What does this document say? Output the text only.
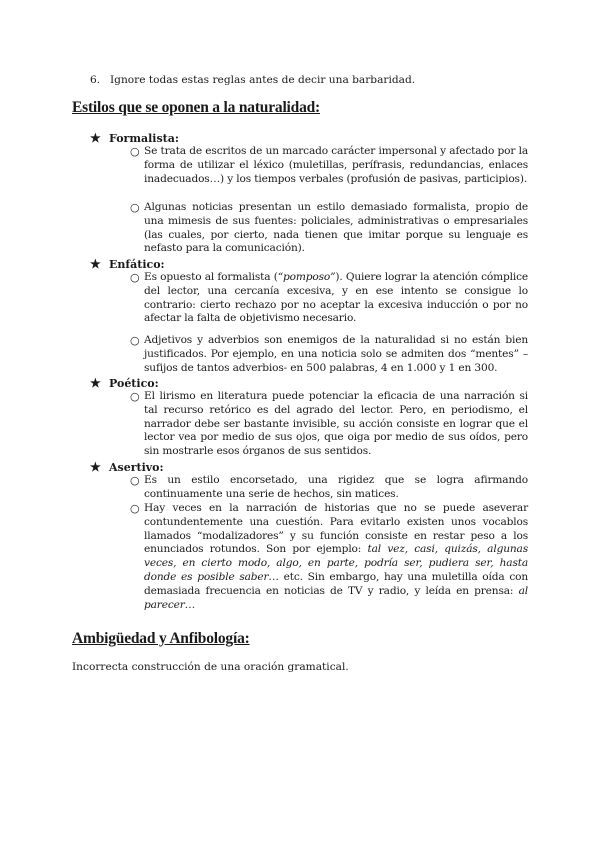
6. Ignore todas estas reglas antes de decir una barbaridad.
Estilos que se oponen a la naturalidad:
★ Formalista:
○ Se trata de escritos de un marcado carácter impersonal y afectado por la forma de utilizar el léxico (muletillas, perífrasis, redundancias, enlaces inadecuados…) y los tiempos verbales (profusión de pasivas, participios).
○ Algunas noticias presentan un estilo demasiado formalista, propio de una mimesis de sus fuentes: policiales, administrativas o empresariales (las cuales, por cierto, nada tienen que imitar porque su lenguaje es nefasto para la comunicación).
★ Enfático:
○ Es opuesto al formalista (“pomposo”). Quiere lograr la atención cómplice del lector, una cercanía excesiva, y en ese intento se consigue lo contrario: cierto rechazo por no aceptar la excesiva inducción o por no afectar la falta de objetivismo necesario.
○ Adjetivos y adverbios son enemigos de la naturalidad si no están bien justificados. Por ejemplo, en una noticia solo se admiten dos “mentes” –sufijos de tantos adverbios- en 500 palabras, 4 en 1.000 y 1 en 300.
★ Poético:
○ El lirismo en literatura puede potenciar la eficacia de una narración si tal recurso retórico es del agrado del lector. Pero, en periodismo, el narrador debe ser bastante invisible, su acción consiste en lograr que el lector vea por medio de sus ojos, que oiga por medio de sus oídos, pero sin mostrarle esos órganos de sus sentidos.
★ Asertivo:
○ Es un estilo encorsetado, una rigidez que se logra afirmando continuamente una serie de hechos, sin matices.
○ Hay veces en la narración de historias que no se puede aseverar contundentemente una cuestión. Para evitarlo existen unos vocablos llamados “modalizadores” y su función consiste en restar peso a los enunciados rotundos. Son por ejemplo: tal vez, casi, quizás, algunas veces, en cierto modo, algo, en parte, podría ser, pudiera ser, hasta donde es posible saber… etc. Sin embargo, hay una muletilla oída con demasiada frecuencia en noticias de TV y radio, y leída en prensa: al parecer…
Ambigüedad y Anfibología:
Incorrecta construcción de una oración gramatical.
